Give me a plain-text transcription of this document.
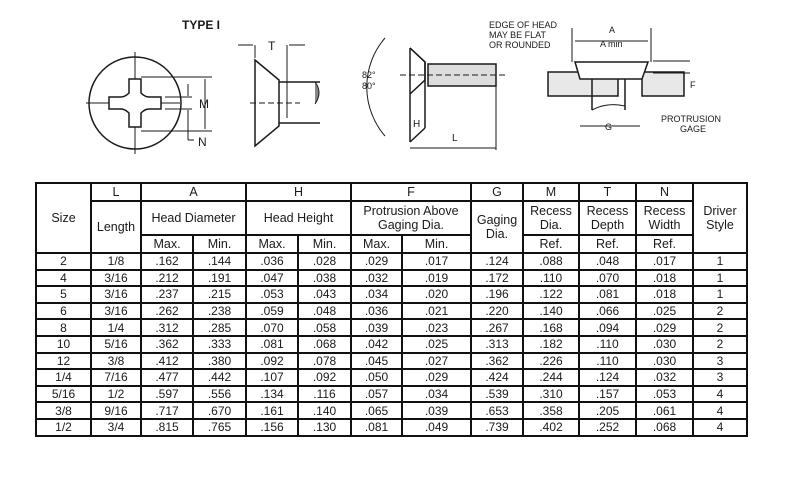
TYPE I
M
N
T
82°
80°
H
L
EDGE OF HEAD
MAY BE FLAT
OR ROUNDED
A
A min
F
G
PROTRUSION
GAGE
Size	L	A		H		F		G	M	T	N	Driver Style
	Length	Head Diameter		Head Height		Protrusion Above Gaging Dia.		Gaging Dia.	Recess Dia.	Recess Depth	Recess Width	
		Max.	Min.	Max.	Min.	Max.	Min.		Ref.	Ref.	Ref.	
2	1/8	.162	.144	.036	.028	.029	.017	.124	.088	.048	.017	1
4	3/16	.212	.191	.047	.038	.032	.019	.172	.110	.070	.018	1
5	3/16	.237	.215	.053	.043	.034	.020	.196	.122	.081	.018	1
6	3/16	.262	.238	.059	.048	.036	.021	.220	.140	.066	.025	2
8	1/4	.312	.285	.070	.058	.039	.023	.267	.168	.094	.029	2
10	5/16	.362	.333	.081	.068	.042	.025	.313	.182	.110	.030	2
12	3/8	.412	.380	.092	.078	.045	.027	.362	.226	.110	.030	3
1/4	7/16	.477	.442	.107	.092	.050	.029	.424	.244	.124	.032	3
5/16	1/2	.597	.556	.134	.116	.057	.034	.539	.310	.157	.053	4
3/8	9/16	.717	.670	.161	.140	.065	.039	.653	.358	.205	.061	4
1/2	3/4	.815	.765	.156	.130	.081	.049	.739	.402	.252	.068	4
